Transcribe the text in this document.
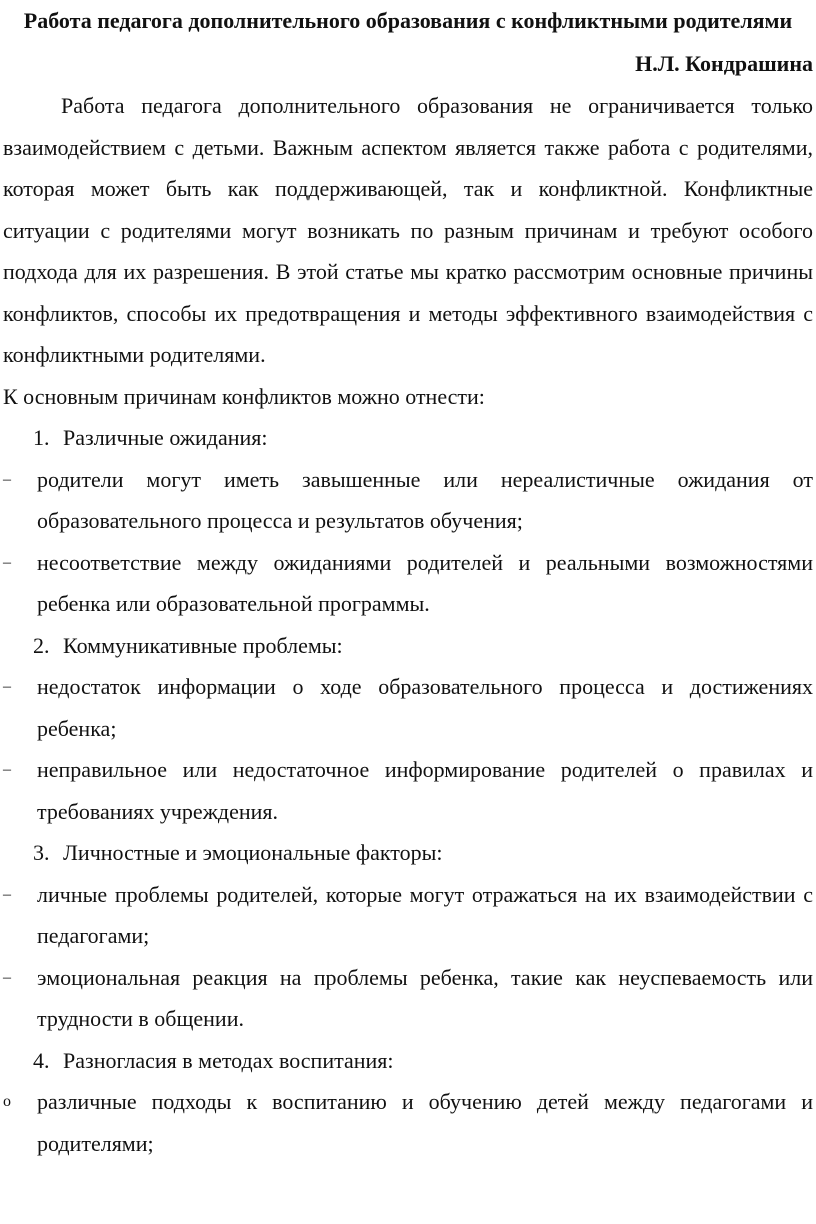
Работа педагога дополнительного образования с конфликтными родителями

Н.Л. Кондрашина

Работа педагога дополнительного образования не ограничивается только взаимодействием с детьми. Важным аспектом является также работа с родителями, которая может быть как поддерживающей, так и конфликтной. Конфликтные ситуации с родителями могут возникать по разным причинам и требуют особого подхода для их разрешения. В этой статье мы кратко рассмотрим основные причины конфликтов, способы их предотвращения и методы эффективного взаимодействия с конфликтными родителями.

К основным причинам конфликтов можно отнести:

1. Различные ожидания:

–	родители могут иметь завышенные или нереалистичные ожидания от образовательного процесса и результатов обучения;

–	несоответствие между ожиданиями родителей и реальными возможностями ребенка или образовательной программы.

2. Коммуникативные проблемы:

–	недостаток информации о ходе образовательного процесса и достижениях ребенка;

–	неправильное или недостаточное информирование родителей о правилах и требованиях учреждения.

3. Личностные и эмоциональные факторы:

–	личные проблемы родителей, которые могут отражаться на их взаимодействии с педагогами;

–	эмоциональная реакция на проблемы ребенка, такие как неуспеваемость или трудности в общении.

4. Разногласия в методах воспитания:

o	различные подходы к воспитанию и обучению детей между педагогами и родителями;
